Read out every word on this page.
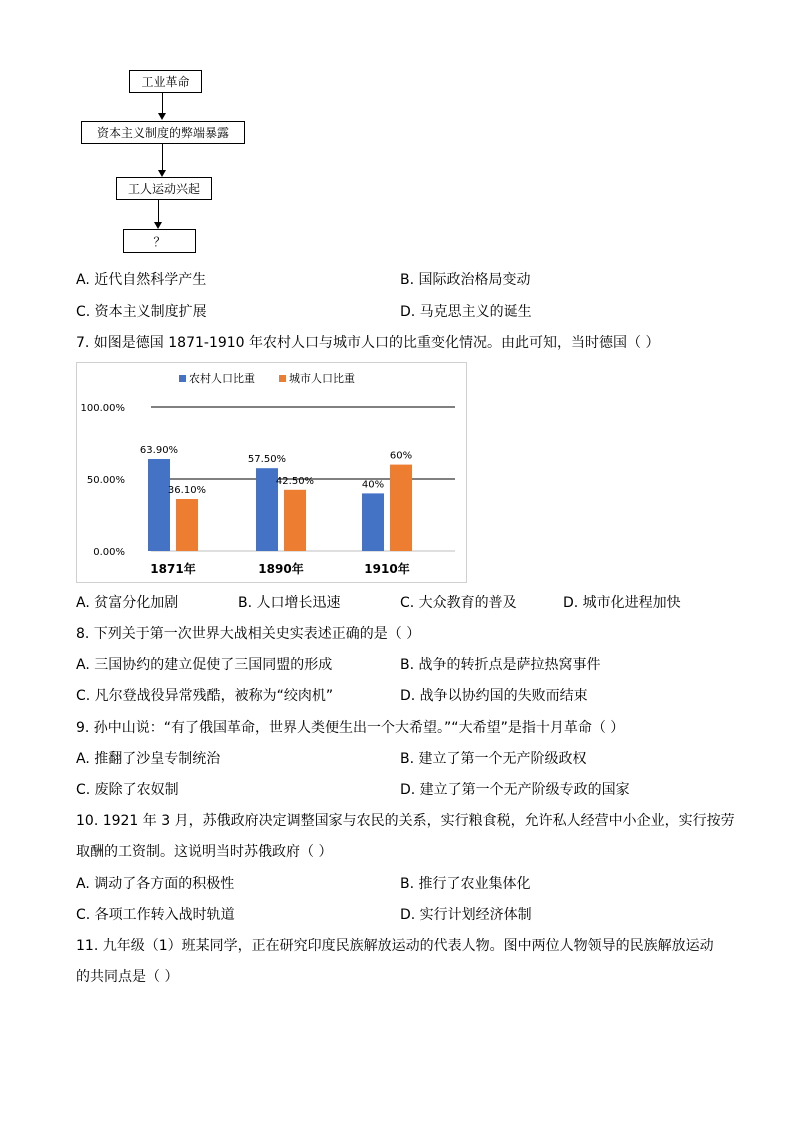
工业革命
资本主义制度的弊端暴露
工人运动兴起
？
A. 近代自然科学产生	B. 国际政治格局变动
C. 资本主义制度扩展	D. 马克思主义的诞生
7. 如图是德国 1871-1910 年农村人口与城市人口的比重变化情况。由此可知，当时德国（ ）
0.00%
50.00%
100.00%
农村人口比重	城市人口比重
63.90%
36.10%
1871年
57.50%
42.50%
1890年
40%
60%
1910年
A. 贫富分化加剧	B. 人口增长迅速	C. 大众教育的普及	D. 城市化进程加快
8. 下列关于第一次世界大战相关史实表述正确的是（ ）
A. 三国协约的建立促使了三国同盟的形成	B. 战争的转折点是萨拉热窝事件
C. 凡尔登战役异常残酷，被称为“绞肉机”	D. 战争以协约国的失败而结束
9. 孙中山说：“有了俄国革命，世界人类便生出一个大希望。”“大希望”是指十月革命（ ）
A. 推翻了沙皇专制统治	B. 建立了第一个无产阶级政权
C. 废除了农奴制	D. 建立了第一个无产阶级专政的国家
10. 1921 年 3 月，苏俄政府决定调整国家与农民的关系，实行粮食税，允许私人经营中小企业，实行按劳
取酬的工资制。这说明当时苏俄政府（ ）
A. 调动了各方面的积极性	B. 推行了农业集体化
C. 各项工作转入战时轨道	D. 实行计划经济体制
11. 九年级（1）班某同学，正在研究印度民族解放运动的代表人物。图中两位人物领导的民族解放运动
的共同点是（ ）
